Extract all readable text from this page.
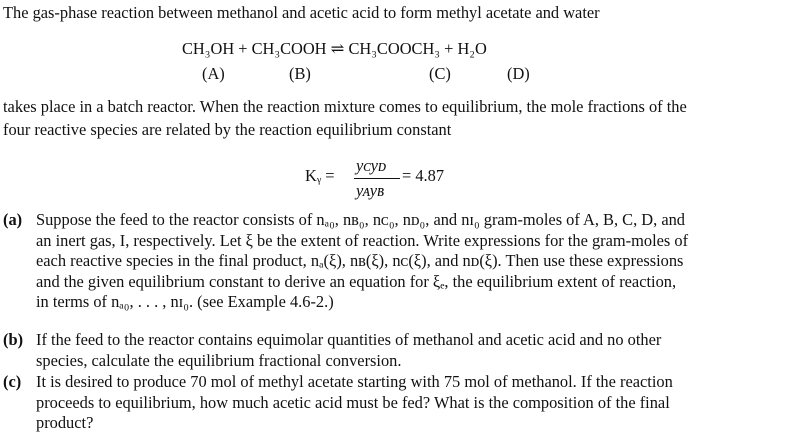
The gas-phase reaction between methanol and acetic acid to form methyl acetate and water
CH₃OH + CH₃COOH ⇌ CH₃COOCH₃ + H₂O
(A)	(B)	(C)	(D)
takes place in a batch reactor. When the reaction mixture comes to equilibrium, the mole fractions of the
four reactive species are related by the reaction equilibrium constant
Kᵧ =
yᴄyᴅ
yᴀyʙ
= 4.87
(a) Suppose the feed to the reactor consists of nₐ₀, nʙ₀, nᴄ₀, nᴅ₀, and nɪ₀ gram-moles of A, B, C, D, and
an inert gas, I, respectively. Let ξ be the extent of reaction. Write expressions for the gram-moles of
each reactive species in the final product, nₐ(ξ), nʙ(ξ), nᴄ(ξ), and nᴅ(ξ). Then use these expressions
and the given equilibrium constant to derive an equation for ξₑ, the equilibrium extent of reaction,
in terms of nₐ₀, . . . , nɪ₀. (see Example 4.6-2.)
(b) If the feed to the reactor contains equimolar quantities of methanol and acetic acid and no other
species, calculate the equilibrium fractional conversion.
(c) It is desired to produce 70 mol of methyl acetate starting with 75 mol of methanol. If the reaction
proceeds to equilibrium, how much acetic acid must be fed? What is the composition of the final
product?
